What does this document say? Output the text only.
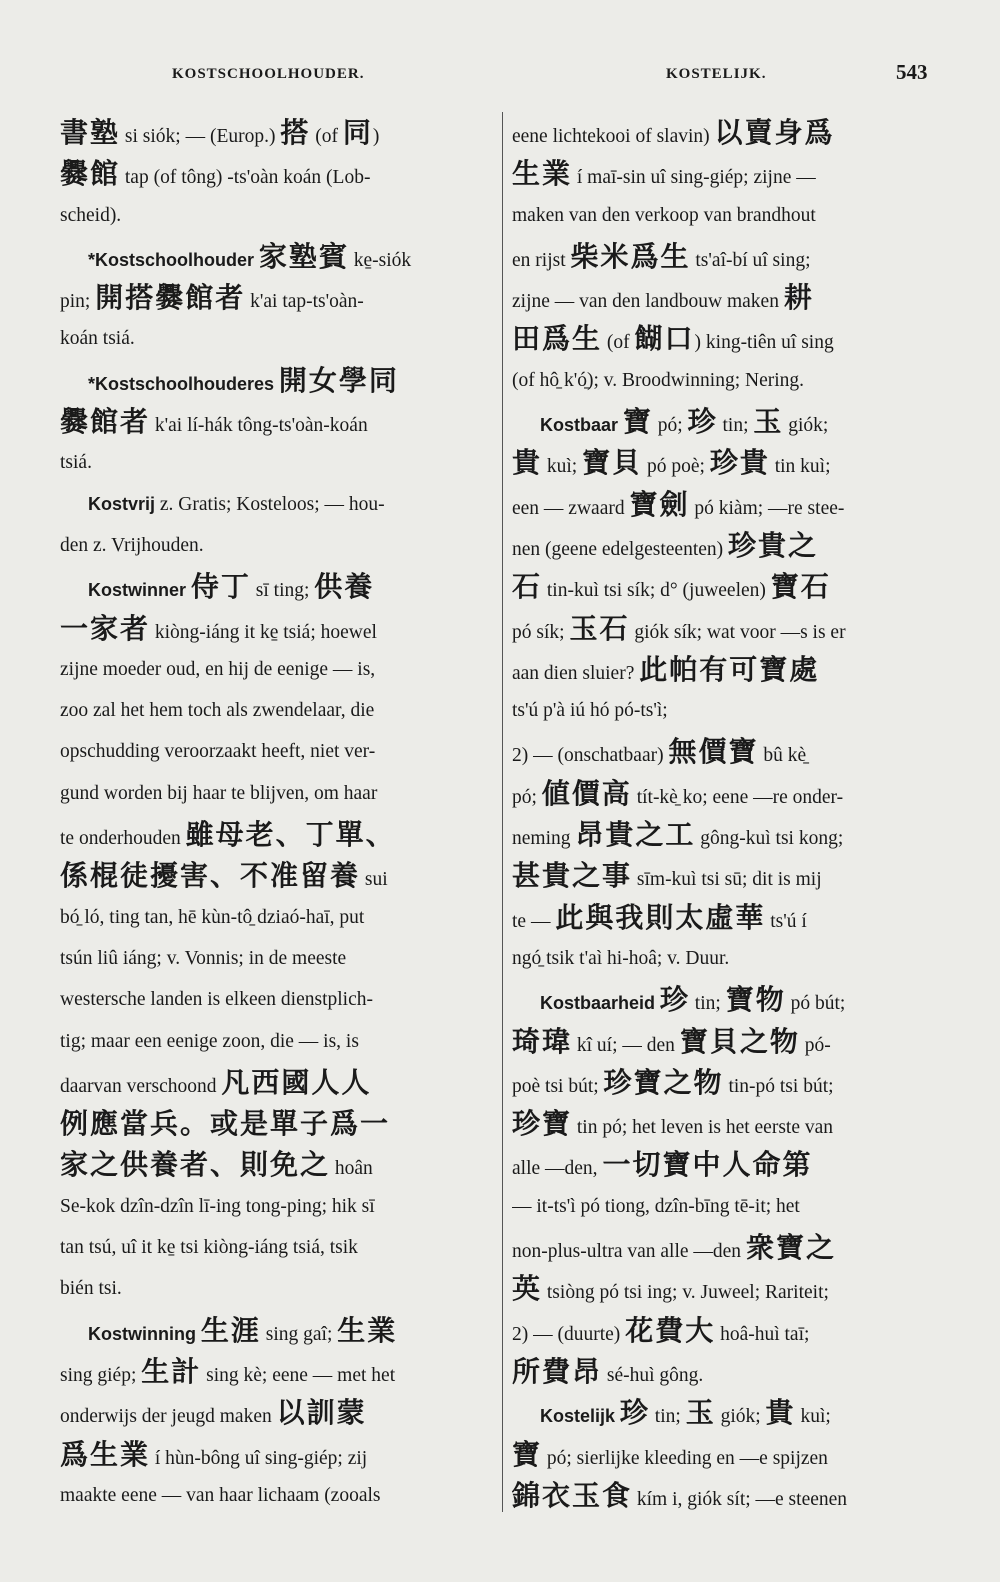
KOSTSCHOOLHOUDER.	KOSTELIJK.	543
書塾 si siók; — (Europ.) 搭 (of 同)
爨館 tap (of tông) -ts'oàn koán (Lob-
scheid).
*Kostschoolhouder 家塾賓 ke̱-siók
pin; 開搭爨館者 k'ai tap-ts'oàn-
koán tsiá.
*Kostschoolhouderes 開女學同
爨館者 k'ai lí-hák tông-ts'oàn-koán
tsiá.
Kostvrij z. Gratis; Kosteloos; — hou-
den z. Vrijhouden.
Kostwinner 侍丁 sī ting; 供養
一家者 kiòng-iáng it ke̱ tsiá; hoewel
zijne moeder oud, en hij de eenige — is,
zoo zal het hem toch als zwendelaar, die
opschudding veroorzaakt heeft, niet ver-
gund worden bij haar te blijven, om haar
te onderhouden 雖母老、丁單、
係棍徒擾害、不准留養 sui
bó̱ ló, ting tan, hē kùn-tô̱ dziaó-haī, put
tsún liû iáng; v. Vonnis; in de meeste
westersche landen is elkeen dienstplich-
tig; maar een eenige zoon, die — is, is
daarvan verschoond 凡西國人人
例應當兵。或是單子爲一
家之供養者、則免之 hoân
Se-kok dzîn-dzîn lī-ing tong-ping; hik sī
tan tsú, uî it ke̱ tsi kiòng-iáng tsiá, tsik
bién tsi.
Kostwinning 生涯 sing gaî; 生業
sing giép; 生計 sing kè; eene — met het
onderwijs der jeugd maken 以訓蒙
爲生業 í hùn-bông uî sing-giép; zij
maakte eene — van haar lichaam (zooals
eene lichtekooi of slavin) 以賣身爲
生業 í maī-sin uî sing-giép; zijne —
maken van den verkoop van brandhout
en rijst 柴米爲生 ts'aî-bí uî sing;
zijne — van den landbouw maken 耕
田爲生 (of 餬口) king-tiên uî sing
(of hô̱ k'ó̱); v. Broodwinning; Nering.
Kostbaar 寶 pó; 珍 tin; 玉 giók;
貴 kuì; 寶貝 pó poè; 珍貴 tin kuì;
een — zwaard 寶劍 pó kiàm; —re stee-
nen (geene edelgesteenten) 珍貴之
石 tin-kuì tsi sík; d° (juweelen) 寶石
pó sík; 玉石 giók sík; wat voor —s is er
aan dien sluier? 此帕有可寶處
ts'ú p'à iú hó pó-ts'ì;
2) — (onschatbaar) 無價寶 bû kè̱
pó; 値價高 tít-kè̱ ko; eene —re onder-
neming 昂貴之工 gông-kuì tsi kong;
甚貴之事 sīm-kuì tsi sū; dit is mij
te — 此與我則太虛華 ts'ú í
ngó̱ tsik t'aì hi-hoâ; v. Duur.
Kostbaarheid 珍 tin; 寶物 pó bút;
琦瑋 kî uí; — den 寶貝之物 pó-
poè tsi bút; 珍寶之物 tin-pó tsi bút;
珍寶 tin pó; het leven is het eerste van
alle —den, 一切寶中人命第
— it-ts'ì pó tiong, dzîn-bīng tē-it; het
non-plus-ultra van alle —den 衆寶之
英 tsiòng pó tsi ing; v. Juweel; Rariteit;
2) — (duurte) 花費大 hoâ-huì taī;
所費昂 sé-huì gông.
Kostelijk 珍 tin; 玉 giók; 貴 kuì;
寶 pó; sierlijke kleeding en —e spijzen
錦衣玉食 kím i, giók sít; —e steenen
